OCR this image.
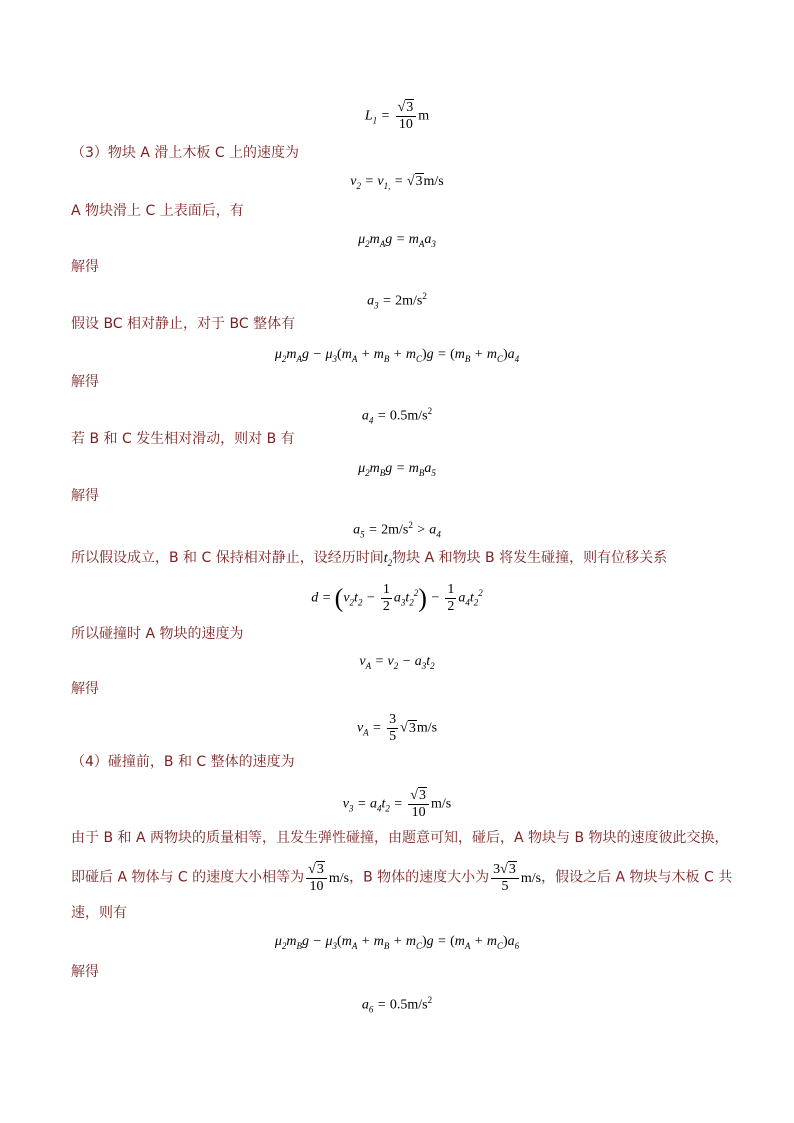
$L_1 = \frac{√3}{10}$ m
（3）物块 A 滑上木板 C 上的速度为
$v_2 = v_{1,} = √3m/s$
A 物块滑上 C 上表面后，有
$\mu_2m_Ag = m_Aa_3$
解得
$a_3 = 2m/s^2$
假设 BC 相对静止，对于 BC 整体有
$\mu_2m_Ag - \mu_3(m_A + m_B + m_C)g = (m_B + m_C)a_4$
解得
$a_4 = 0.5m/s^2$
若 B 和 C 发生相对滑动，则对 B 有
$\mu_2m_Bg = m_Ba_5$
解得
$a_5 = 2m/s^2 > a_4$
所以假设成立，B 和 C 保持相对静止，设经历时间$t_2$物块 A 和物块 B 将发生碰撞，则有位移关系
$d = (v_2t_2 - \frac{1}{2} a_3t_2^2) - \frac{1}{2} a_4t_2^2$
所以碰撞时 A 物块的速度为
$v_A = v_2 - a_3t_2$
解得
$v_A = \frac{3}{5} √3m/s$
（4）碰撞前，B 和 C 整体的速度为
$v_3 = a_4t_2 = \frac{√3}{10} m/s$
由于 B 和 A 两物块的质量相等，且发生弹性碰撞，由题意可知，碰后，A 物块与 B 物块的速度彼此交换，
即碰后 A 物体与 C 的速度大小相等为 $\frac{√3}{10} m/s$，B 物体的速度大小为 $\frac{3√3}{5} m/s$，假设之后 A 物块与木板 C 共
速，则有
$\mu_2m_Bg - \mu_3(m_A + m_B + m_C)g = (m_A + m_C)a_6$
解得
$a_6 = 0.5m/s^2$
